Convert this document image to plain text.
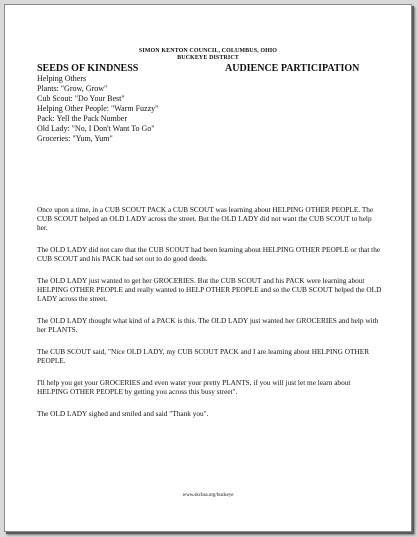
SIMON KENTON COUNCIL, COLUMBUS, OHIO
BUCKEYE DISTRICT
SEEDS OF KINDNESS	AUDIENCE PARTICIPATION
Helping Others
Plants: "Grow, Grow"
Cub Scout: "Do Your Best"
Helping Other People: "Warm Fuzzy"
Pack: Yell the Pack Number
Old Lady: "No, I Don't Want To Go"
Groceries: "Yum, Yum"

Once upon a time, in a CUB SCOUT PACK a CUB SCOUT was learning about HELPING OTHER PEOPLE. The CUB SCOUT helped an OLD LADY across the street. But the OLD LADY did not want the CUB SCOUT to help her.

The OLD LADY did not care that the CUB SCOUT had been learning about HELPING OTHER PEOPLE or that the CUB SCOUT and his PACK had set out to do good deeds.

The OLD LADY just wanted to get her GROCERIES. But the CUB SCOUT and his PACK were learning about HELPING OTHER PEOPLE and really wanted to HELP OTHER PEOPLE and so the CUB SCOUT helped the OLD LADY across the street.

The OLD LADY thought what kind of a PACK is this. The OLD LADY just wanted her GROCERIES and help with her PLANTS.

The CUB SCOUT said, "Nice OLD LADY, my CUB SCOUT PACK and I are learning about HELPING OTHER PEOPLE.

I'll help you get your GROCERIES and even water your pretty PLANTS, if you will just let me learn about HELPING OTHER PEOPLE by getting you across this busy street".

The OLD LADY sighed and smiled and said "Thank you".

www.skcbsa.org/buckeye
